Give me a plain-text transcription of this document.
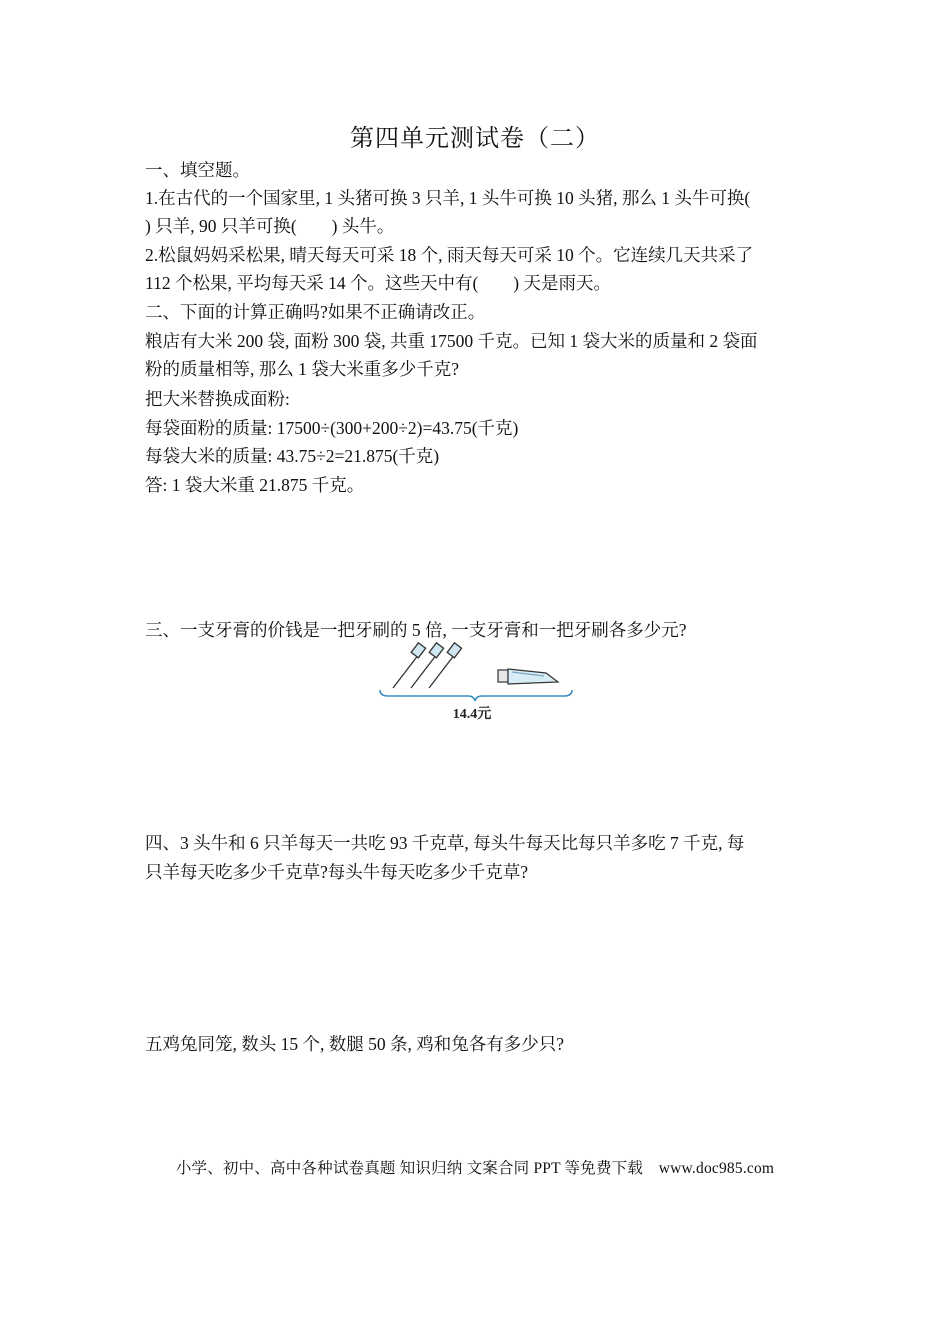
第四单元测试卷（二）
一、填空题。
1.在古代的一个国家里, 1 头猪可换 3 只羊, 1 头牛可换 10 头猪, 那么 1 头牛可换(
) 只羊, 90 只羊可换(　　) 头牛。
2.松鼠妈妈采松果, 晴天每天可采 18 个, 雨天每天可采 10 个。它连续几天共采了
112 个松果, 平均每天采 14 个。这些天中有(　　) 天是雨天。
二、下面的计算正确吗?如果不正确请改正。
粮店有大米 200 袋, 面粉 300 袋, 共重 17500 千克。已知 1 袋大米的质量和 2 袋面
粉的质量相等, 那么 1 袋大米重多少千克?
把大米替换成面粉:
每袋面粉的质量: 17500÷(300+200÷2)=43.75(千克)
每袋大米的质量: 43.75÷2=21.875(千克)
答: 1 袋大米重 21.875 千克。
三、一支牙膏的价钱是一把牙刷的 5 倍, 一支牙膏和一把牙刷各多少元?
14.4元
四、3 头牛和 6 只羊每天一共吃 93 千克草, 每头牛每天比每只羊多吃 7 千克, 每
只羊每天吃多少千克草?每头牛每天吃多少千克草?
五鸡兔同笼, 数头 15 个, 数腿 50 条, 鸡和兔各有多少只?
小学、初中、高中各种试卷真题 知识归纳 文案合同 PPT 等免费下载　www.doc985.com
